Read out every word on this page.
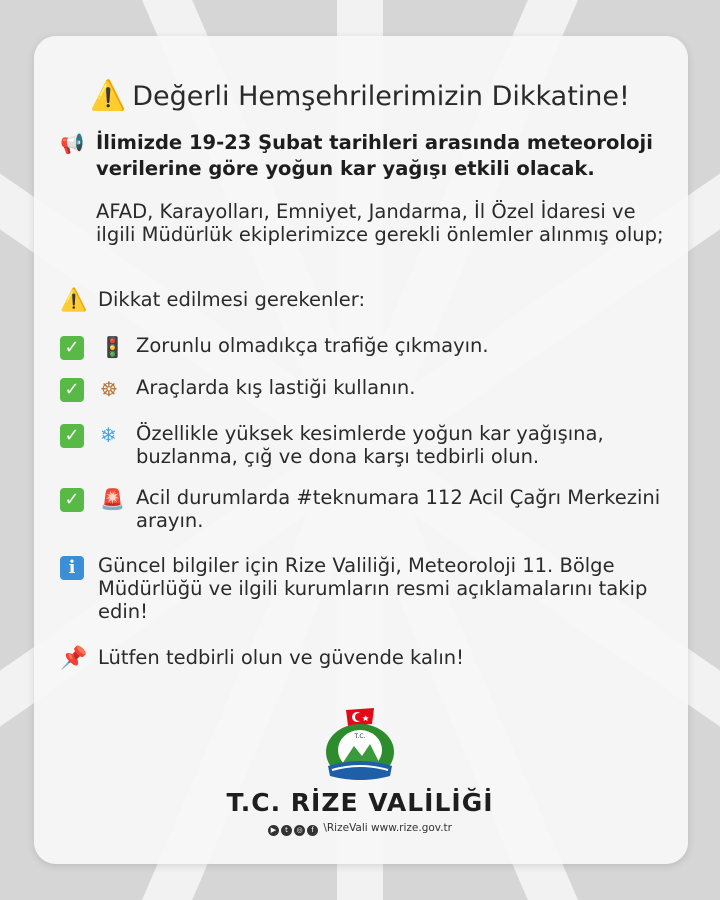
⚠️ Değerli Hemşehrilerimizin Dikkatine!
📢 İlimizde 19-23 Şubat tarihleri arasında meteoroloji verilerine göre yoğun kar yağışı etkili olacak.
AFAD, Karayolları, Emniyet, Jandarma, İl Özel İdaresi ve ilgili Müdürlük ekiplerimizce gerekli önlemler alınmış olup;
⚠️ Dikkat edilmesi gerekenler:
✓	🚦 Zorunlu olmadıkça trafiğe çıkmayın.
✓	☸ Araçlarda kış lastiği kullanın.
✓	❄ Özellikle yüksek kesimlerde yoğun kar yağışına, buzlanma, çığ ve dona karşı tedbirli olun.
✓	🚨 Acil durumlarda #teknumara 112 Acil Çağrı Merkezini arayın.
i	Güncel bilgiler için Rize Valiliği, Meteoroloji 11. Bölge Müdürlüğü ve ilgili kurumların resmi açıklamalarını takip edin!
📌 Lütfen tedbirli olun ve güvende kalın!
T.C.
T.C. RİZE VALİLİĞİ
▶ t ◎ f \RizeVali www.rize.gov.tr
